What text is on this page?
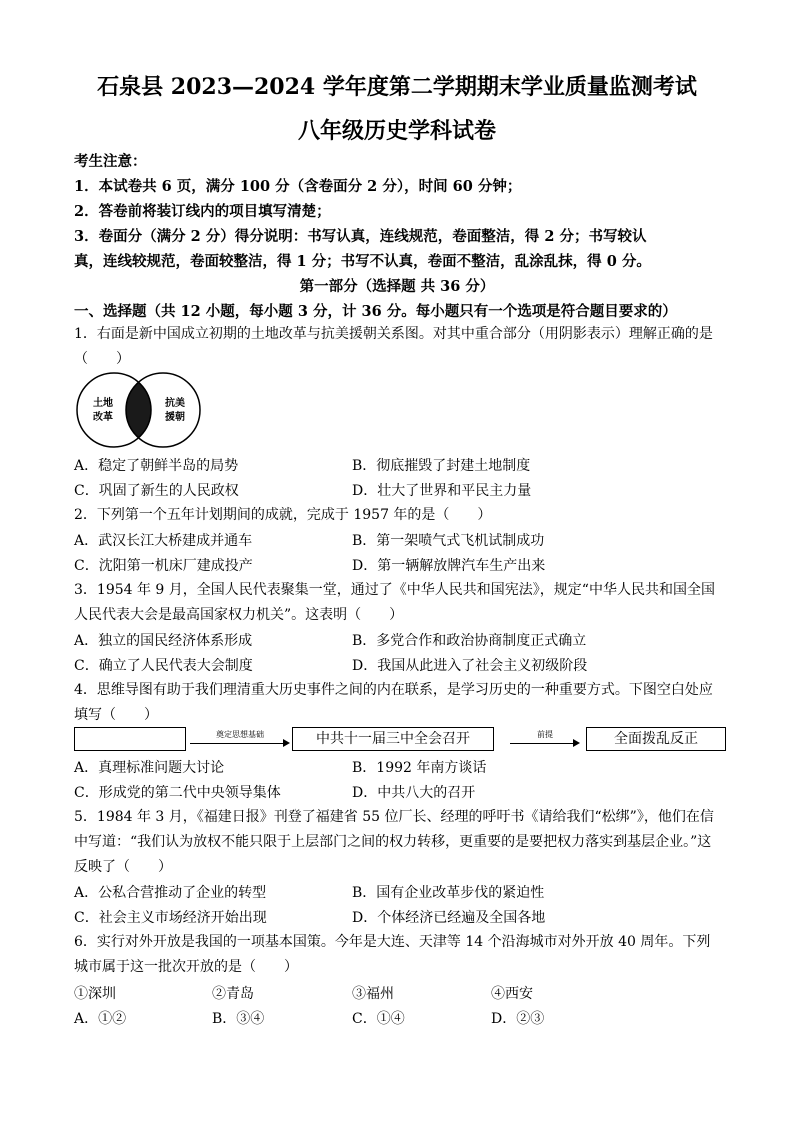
石泉县 2023—2024 学年度第二学期期末学业质量监测考试
八年级历史学科试卷
考生注意：
1．本试卷共 6 页，满分 100 分（含卷面分 2 分），时间 60 分钟；
2．答卷前将装订线内的项目填写清楚；
3．卷面分（满分 2 分）得分说明：书写认真，连线规范，卷面整洁，得 2 分；书写较认
真，连线较规范，卷面较整洁，得 1 分；书写不认真，卷面不整洁，乱涂乱抹，得 0 分。
第一部分（选择题 共 36 分）
一、选择题（共 12 小题，每小题 3 分，计 36 分。每小题只有一个选项是符合题目要求的）
1．右面是新中国成立初期的土地改革与抗美援朝关系图。对其中重合部分（用阴影表示）理解正确的是（　　）
土地
改革
抗美
援朝
A．稳定了朝鲜半岛的局势	B．彻底摧毁了封建土地制度
C．巩固了新生的人民政权	D．壮大了世界和平民主力量
2．下列第一个五年计划期间的成就，完成于 1957 年的是（　　）
A．武汉长江大桥建成并通车	B．第一架喷气式飞机试制成功
C．沈阳第一机床厂建成投产	D．第一辆解放牌汽车生产出来
3．1954 年 9 月，全国人民代表聚集一堂，通过了《中华人民共和国宪法》，规定“中华人民共和国全国人民代表大会是最高国家权力机关”。这表明（　　）
A．独立的国民经济体系形成	B．多党合作和政治协商制度正式确立
C．确立了人民代表大会制度	D．我国从此进入了社会主义初级阶段
4．思维导图有助于我们理清重大历史事件之间的内在联系，是学习历史的一种重要方式。下图空白处应填写（　　）
奠定思想基础	中共十一届三中全会召开	前提	全面拨乱反正
A．真理标准问题大讨论	B．1992 年南方谈话
C．形成党的第二代中央领导集体	D．中共八大的召开
5．1984 年 3 月，《福建日报》刊登了福建省 55 位厂长、经理的呼吁书《请给我们“松绑”》，他们在信中写道：“我们认为放权不能只限于上层部门之间的权力转移，更重要的是要把权力落实到基层企业。”这反映了（　　）
A．公私合营推动了企业的转型	B．国有企业改革步伐的紧迫性
C．社会主义市场经济开始出现	D．个体经济已经遍及全国各地
6．实行对外开放是我国的一项基本国策。今年是大连、天津等 14 个沿海城市对外开放 40 周年。下列城市属于这一批次开放的是（　　）
①深圳	②青岛	③福州	④西安
A．①②	B．③④	C．①④	D．②③
